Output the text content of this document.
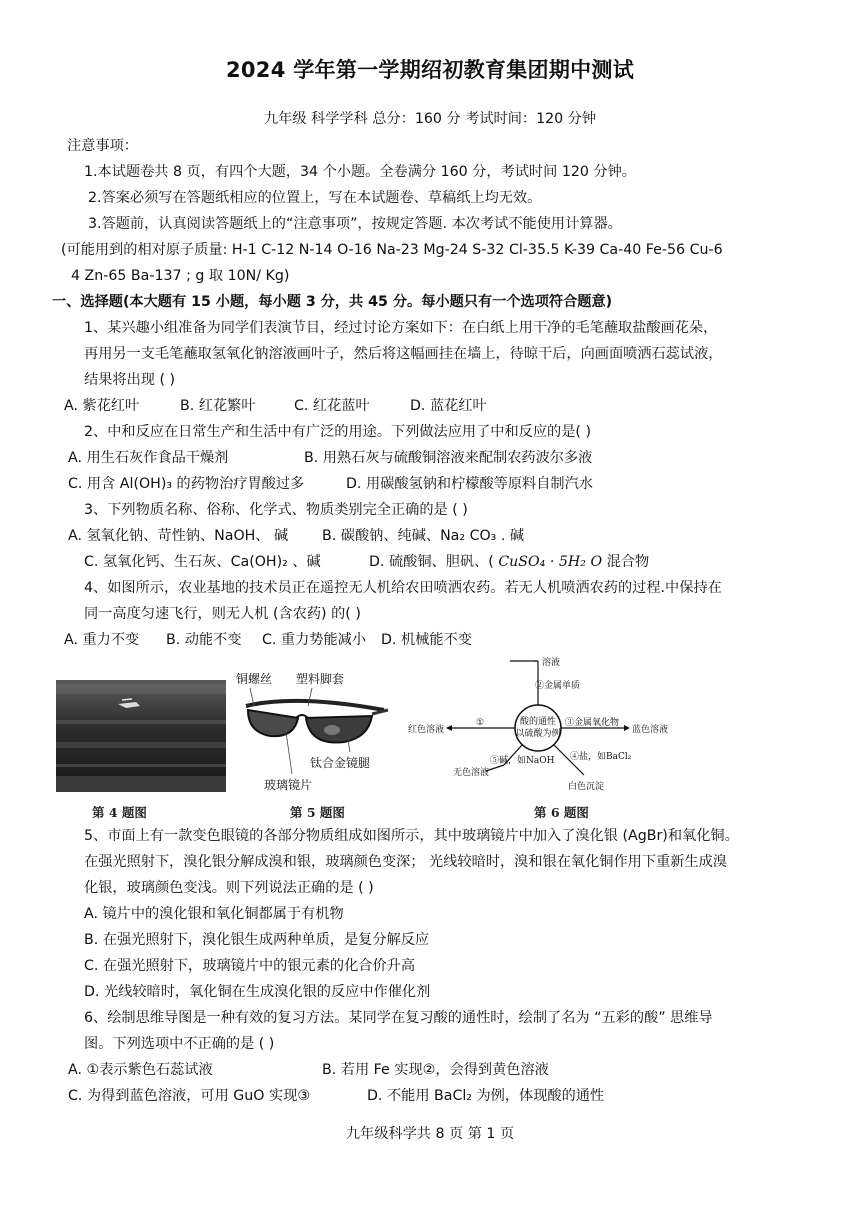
2024 学年第一学期绍初教育集团期中测试
九年级 科学学科 总分：160 分 考试时间：120 分钟
注意事项：
1.本试题卷共 8 页，有四个大题，34 个小题。全卷满分 160 分，考试时间 120 分钟。
2.答案必须写在答题纸相应的位置上，写在本试题卷、草稿纸上均无效。
3.答题前，认真阅读答题纸上的“注意事项”，按规定答题. 本次考试不能使用计算器。
(可能用到的相对原子质量: H-1 C-12 N-14 O-16 Na-23 Mg-24 S-32 Cl-35.5 K-39 Ca-40 Fe-56 Cu-6
4 Zn-65 Ba-137 ; g 取 10N/ Kg)
一、选择题(本大题有 15 小题，每小题 3 分，共 45 分。每小题只有一个选项符合题意)
1、某兴趣小组准备为同学们表演节目，经过讨论方案如下：在白纸上用干净的毛笔蘸取盐酸画花朵，
再用另一支毛笔蘸取氢氧化钠溶液画叶子，然后将这幅画挂在墙上，待晾干后，向画面喷洒石蕊试液，
结果将出现 ( )
A. 紫花红叶	B. 红花繁叶	C. 红花蓝叶	D. 蓝花红叶
2、中和反应在日常生产和生活中有广泛的用途。下列做法应用了中和反应的是( )
A. 用生石灰作食品干燥剂	B. 用熟石灰与硫酸铜溶液来配制农药波尔多液
C. 用含 Al(OH)₃ 的药物治疗胃酸过多	D. 用碳酸氢钠和柠檬酸等原料自制汽水
3、下列物质名称、俗称、化学式、物质类别完全正确的是 ( )
A. 氢氧化钠、苛性钠、NaOH、 碱 B. 碳酸钠、纯碱、Na₂ CO₃ . 碱
C. 氢氧化钙、生石灰、Ca(OH)₂ 、碱	D. 硫酸铜、胆矾、( CuSO₄ · 5H₂ O 混合物
4、如图所示，农业基地的技术员正在遥控无人机给农田喷洒农药。若无人机喷洒农药的过程.中保持在
同一高度匀速飞行，则无人机 (含农药) 的( )
A. 重力不变 B. 动能不变 C. 重力势能减小 D. 机械能不变
第 4 题图
铜螺丝 塑料脚套
钛合金镜腿
玻璃镜片
第 5 题图
酸的通性
以硫酸为例
溶液
②金属单质
①
红色溶液
③金属氧化物
蓝色溶液
④盐，如BaCl₂
白色沉淀
⑤碱，如NaOH
无色溶液
第 6 题图
5、市面上有一款变色眼镜的各部分物质组成如图所示，其中玻璃镜片中加入了溴化银 (AgBr)和氧化铜。
在强光照射下，溴化银分解成溴和银，玻璃颜色变深； 光线较暗时，溴和银在氧化铜作用下重新生成溴
化银，玻璃颜色变浅。则下列说法正确的是 ( )
A. 镜片中的溴化银和氧化铜都属于有机物
B. 在强光照射下，溴化银生成两种单质，是复分解反应
C. 在强光照射下，玻璃镜片中的银元素的化合价升高
D. 光线较暗时，氧化铜在生成溴化银的反应中作催化剂
6、绘制思维导图是一种有效的复习方法。某同学在复习酸的通性时，绘制了名为 “五彩的酸” 思维导
图。下列选项中不正确的是 ( )
A. ①表示紫色石蕊试液	B. 若用 Fe 实现②，会得到黄色溶液
C. 为得到蓝色溶液，可用 GuO 实现③	D. 不能用 BaCl₂ 为例，体现酸的通性
九年级科学共 8 页 第 1 页
